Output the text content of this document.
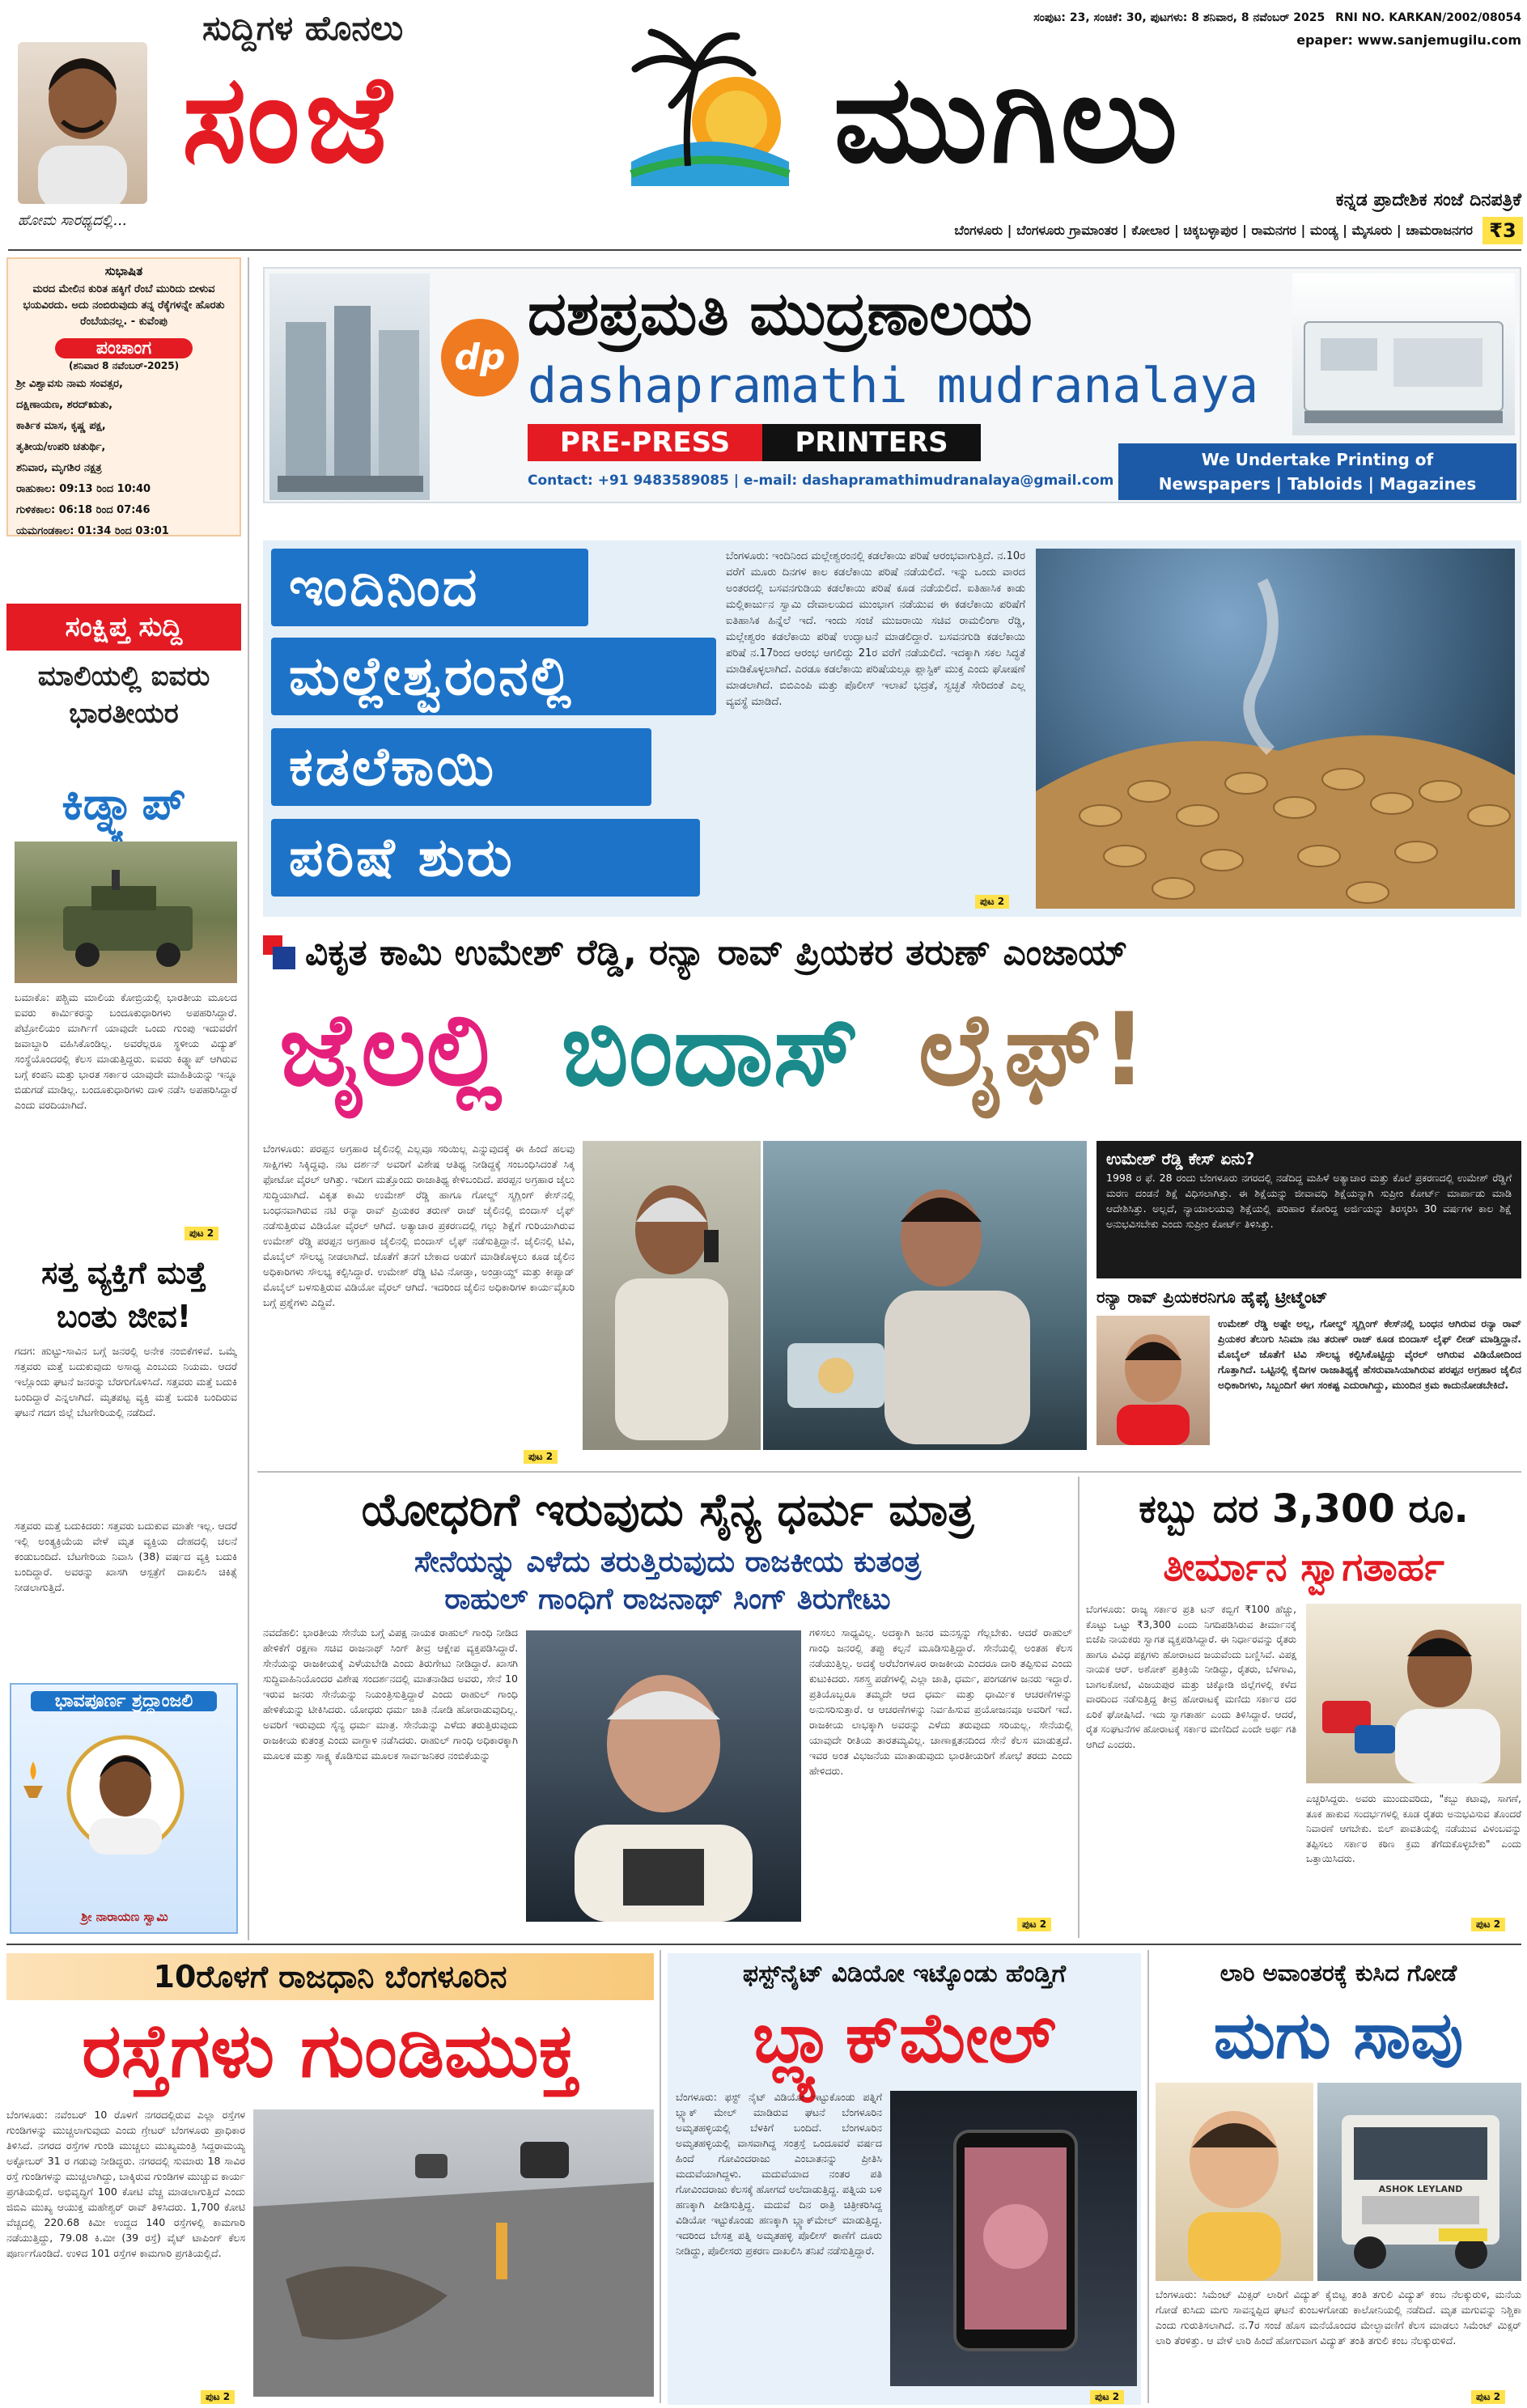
ಹೋಮ ಸಾರಥ್ಯದಲ್ಲಿ...
ಸುದ್ದಿಗಳ ಹೊನಲು
ಸಂಜೆ	ಮುಗಿಲು
ಸಂಪುಟ: 23, ಸಂಚಿಕೆ: 30, ಪುಟಗಳು: 8 ಶನಿವಾರ, 8 ನವೆಂಬರ್ 2025 RNI NO. KARKAN/2002/08054
epaper: www.sanjemugilu.com
ಕನ್ನಡ ಪ್ರಾದೇಶಿಕ ಸಂಜೆ ದಿನಪತ್ರಿಕೆ
ಬೆಂಗಳೂರು | ಬೆಂಗಳೂರು ಗ್ರಾಮಾಂತರ | ಕೋಲಾರ | ಚಿಕ್ಕಬಳ್ಳಾಪುರ | ರಾಮನಗರ | ಮಂಡ್ಯ | ಮೈಸೂರು | ಚಾಮರಾಜನಗರ ₹3
ಸುಭಾಷಿತ
ಮರದ ಮೇಲಿನ ಕುರಿತ ಹಕ್ಕಿಗೆ ರೆಂಬೆ ಮುರಿದು ಬೀಳುವ ಭಯವಿರದು. ಅದು ನಂಬಿರುವುದು ತನ್ನ ರೆಕ್ಕೆಗಳನ್ನೇ ಹೊರತು ರೆಂಬೆಯನಲ್ಲ. - ಕುವೆಂಪು
ಪಂಚಾಂಗ
(ಶನಿವಾರ 8 ನವೆಂಬರ್-2025)
ಶ್ರೀ ವಿಶ್ವಾವಸು ನಾಮ ಸಂವತ್ಸರ,
ದಕ್ಷಿಣಾಯಣ, ಶರದ್ಋತು,
ಕಾರ್ತಿಕ ಮಾಸ, ಕೃಷ್ಣ ಪಕ್ಷ,
ತೃತೀಯ/ಉಪರಿ ಚತುರ್ಥಿ,
ಶನಿವಾರ, ಮೃಗಶಿರ ನಕ್ಷತ್ರ
ರಾಹುಕಾಲ: 09:13 ರಿಂದ 10:40
ಗುಳಿಕಕಾಲ: 06:18 ರಿಂದ 07:46
ಯಮಗಂಡಕಾಲ: 01:34 ರಿಂದ 03:01
ಸಂಕ್ಷಿಪ್ತ ಸುದ್ದಿ
ಮಾಲಿಯಲ್ಲಿ ಐವರು ಭಾರತೀಯರ
ಕಿಡ್ನ್ಯಾಪ್
ಬಮಾಕೊ: ಪಶ್ಚಿಮ ಮಾಲಿಯ ಕೋಬ್ರಿಯಲ್ಲಿ ಭಾರತೀಯ ಮೂಲದ ಐವರು ಕಾರ್ಮಿಕರನ್ನು ಬಂದೂಕುಧಾರಿಗಳು ಅಪಹರಿಸಿದ್ದಾರೆ. ಪೆಟ್ರೋಲಿಯಂ ಮಾರ್ಗಿಗೆ ಯಾವುದೇ ಒಂದು ಗುಂಪು ಇದುವರೆಗೆ ಜವಾಬ್ದಾರಿ ವಹಿಸಿಕೊಂಡಿಲ್ಲ. ಅವರೆಲ್ಲರೂ ಸ್ಥಳೀಯ ವಿದ್ಯುತ್ ಸಂಸ್ಥೆಯೊಂದರಲ್ಲಿ ಕೆಲಸ ಮಾಡುತ್ತಿದ್ದರು. ಐವರು ಕಿಡ್ನ್ಯಾಪ್ ಆಗಿರುವ ಬಗ್ಗೆ ಕಂಪನಿ ಮತ್ತು ಭಾರತ ಸರ್ಕಾರ ಯಾವುದೇ ಮಾಹಿತಿಯನ್ನು ಇನ್ನೂ ಬಿಡುಗಡೆ ಮಾಡಿಲ್ಲ. ಬಂದೂಕುಧಾರಿಗಳು ದಾಳಿ ನಡೆಸಿ ಅಪಹರಿಸಿದ್ದಾರೆ ಎಂದು ವರದಿಯಾಗಿದೆ.
ಪುಟ 2
ಸತ್ತ ವ್ಯಕ್ತಿಗೆ ಮತ್ತೆ ಬಂತು ಜೀವ!
ಗದಗ: ಹುಟ್ಟು-ಸಾವಿನ ಬಗ್ಗೆ ಜನರಲ್ಲಿ ಅನೇಕ ನಂಬಿಕೆಗಳಿವೆ. ಒಮ್ಮೆ ಸತ್ತವರು ಮತ್ತೆ ಬದುಕುವುದು ಅಸಾಧ್ಯ ಎಂಬುದು ನಿಯಮ. ಆದರೆ ಇಲ್ಲೊಂದು ಘಟನೆ ಜನರನ್ನು ಬೆರಗುಗೊಳಿಸಿದೆ. ಸತ್ತವರು ಮತ್ತೆ ಬದುಕಿ ಬಂದಿದ್ದಾರೆ ಎನ್ನಲಾಗಿದೆ. ಮೃತಪಟ್ಟ ವ್ಯಕ್ತಿ ಮತ್ತೆ ಬದುಕಿ ಬಂದಿರುವ ಘಟನೆ ಗದಗ ಜಿಲ್ಲೆ ಬೆಟಗೇರಿಯಲ್ಲಿ ನಡೆದಿದೆ.
ಸತ್ತವರು ಮತ್ತೆ ಬದುಕಿದರು: ಸತ್ತವರು ಬದುಕುವ ಮಾತೇ ಇಲ್ಲ. ಆದರೆ ಇಲ್ಲಿ ಅಂತ್ಯಕ್ರಿಯೆಯ ವೇಳೆ ಮೃತ ವ್ಯಕ್ತಿಯ ದೇಹದಲ್ಲಿ ಚಲನೆ ಕಂಡುಬಂದಿದೆ. ಬೆಟಗೇರಿಯ ನಿವಾಸಿ (38) ವರ್ಷದ ವ್ಯಕ್ತಿ ಬದುಕಿ ಬಂದಿದ್ದಾರೆ. ಅವರನ್ನು ಖಾಸಗಿ ಆಸ್ಪತ್ರೆಗೆ ದಾಖಲಿಸಿ ಚಿಕಿತ್ಸೆ ನೀಡಲಾಗುತ್ತಿದೆ.
ಭಾವಪೂರ್ಣ ಶ್ರದ್ಧಾಂಜಲಿ
ಶ್ರೀ ನಾರಾಯಣ ಸ್ವಾಮಿ
dp
ದಶಪ್ರಮತಿ ಮುದ್ರಣಾಲಯ
dashapramathi mudranalaya
PRE-PRESS	PRINTERS
Contact: +91 9483589085 | e-mail: dashapramathimudranalaya@gmail.com
We Undertake Printing of
Newspapers | Tabloids | Magazines
ಇಂದಿನಿಂದ
ಮಲ್ಲೇಶ್ವರಂನಲ್ಲಿ
ಕಡಲೆಕಾಯಿ
ಪರಿಷೆ ಶುರು
ಬೆಂಗಳೂರು: ಇಂದಿನಿಂದ ಮಲ್ಲೇಶ್ವರಂನಲ್ಲಿ ಕಡಲೆಕಾಯಿ ಪರಿಷೆ ಆರಂಭವಾಗುತ್ತಿದೆ. ನ.10ರ ವರೆಗೆ ಮೂರು ದಿನಗಳ ಕಾಲ ಕಡಲೆಕಾಯಿ ಪರಿಷೆ ನಡೆಯಲಿದೆ. ಇನ್ನು ಒಂದು ವಾರದ ಅಂತರದಲ್ಲಿ ಬಸವನಗುಡಿಯ ಕಡಲೆಕಾಯಿ ಪರಿಷೆ ಕೂಡ ನಡೆಯಲಿದೆ. ಐತಿಹಾಸಿಕ ಕಾಡು ಮಲ್ಲಿಕಾರ್ಜುನ ಸ್ವಾಮಿ ದೇವಾಲಯದ ಮುಂಭಾಗ ನಡೆಯುವ ಈ ಕಡಲೆಕಾಯಿ ಪರಿಷೆಗೆ ಐತಿಹಾಸಿಕ ಹಿನ್ನೆಲೆ ಇದೆ. ಇಂದು ಸಂಜೆ ಮುಜರಾಯಿ ಸಚಿವ ರಾಮಲಿಂಗಾ ರೆಡ್ಡಿ, ಮಲ್ಲೇಶ್ವರಂ ಕಡಲೆಕಾಯಿ ಪರಿಷೆ ಉದ್ಘಾಟನೆ ಮಾಡಲಿದ್ದಾರೆ. ಬಸವನಗುಡಿ ಕಡಲೆಕಾಯಿ ಪರಿಷೆ ನ.17ರಿಂದ ಆರಂಭ ಆಗಲಿದ್ದು 21ರ ವರೆಗೆ ನಡೆಯಲಿದೆ. ಇದಕ್ಕಾಗಿ ಸಕಲ ಸಿದ್ಧತೆ ಮಾಡಿಕೊಳ್ಳಲಾಗಿದೆ. ಎರಡೂ ಕಡಲೆಕಾಯಿ ಪರಿಷೆಯಲ್ಲೂ ಪ್ಲಾಸ್ಟಿಕ್ ಮುಕ್ತ ಎಂದು ಘೋಷಣೆ ಮಾಡಲಾಗಿದೆ. ಬಿಬಿಎಂಪಿ ಮತ್ತು ಪೊಲೀಸ್ ಇಲಾಖೆ ಭದ್ರತೆ, ಸ್ವಚ್ಛತೆ ಸೇರಿದಂತೆ ಎಲ್ಲ ವ್ಯವಸ್ಥೆ ಮಾಡಿದೆ.
ಪುಟ 2
ವಿಕೃತ ಕಾಮಿ ಉಮೇಶ್ ರೆಡ್ಡಿ, ರನ್ಯಾ ರಾವ್ ಪ್ರಿಯಕರ ತರುಣ್ ಎಂಜಾಯ್
ಜೈಲಲ್ಲಿ ಬಿಂದಾಸ್ ಲೈಫ್!
ಬೆಂಗಳೂರು: ಪರಪ್ಪನ ಅಗ್ರಹಾರ ಜೈಲಿನಲ್ಲಿ ಎಲ್ಲವೂ ಸರಿಯಿಲ್ಲ ಎನ್ನುವುದಕ್ಕೆ ಈ ಹಿಂದೆ ಹಲವು ಸಾಕ್ಷಿಗಳು ಸಿಕ್ಕಿದ್ದವು. ನಟ ದರ್ಶನ್ ಅವರಿಗೆ ವಿಶೇಷ ಆತಿಥ್ಯ ನೀಡಿದ್ದಕ್ಕೆ ಸಂಬಂಧಿಸಿದಂತೆ ಸಿಕ್ಕ ಫೋಟೋ ವೈರಲ್ ಆಗಿತ್ತು. ಇದೀಗ ಮತ್ತೊಂದು ರಾಜಾತಿಥ್ಯ ಕೇಳಿಬಂದಿದೆ. ಪರಪ್ಪನ ಅಗ್ರಹಾರ ಜೈಲು ಸುದ್ದಿಯಾಗಿದೆ. ವಿಕೃತ ಕಾಮಿ ಉಮೇಶ್ ರೆಡ್ಡಿ ಹಾಗೂ ಗೋಲ್ಡ್ ಸ್ಮಗ್ಲಿಂಗ್ ಕೇಸ್‌ನಲ್ಲಿ ಬಂಧನವಾಗಿರುವ ನಟಿ ರನ್ಯಾ ರಾವ್ ಪ್ರಿಯಕರ ತರುಣ್ ರಾಜ್ ಜೈಲಿನಲ್ಲಿ ಬಿಂದಾಸ್ ಲೈಫ್ ನಡೆಸುತ್ತಿರುವ ವಿಡಿಯೋ ವೈರಲ್ ಆಗಿದೆ. ಅತ್ಯಾಚಾರ ಪ್ರಕರಣದಲ್ಲಿ ಗಲ್ಲು ಶಿಕ್ಷೆಗೆ ಗುರಿಯಾಗಿರುವ ಉಮೇಶ್ ರೆಡ್ಡಿ ಪರಪ್ಪನ ಅಗ್ರಹಾರ ಜೈಲಿನಲ್ಲಿ ಬಿಂದಾಸ್ ಲೈಫ್ ನಡೆಸುತ್ತಿದ್ದಾನೆ. ಜೈಲಿನಲ್ಲಿ ಟಿವಿ, ಮೊಬೈಲ್ ಸೌಲಭ್ಯ ನೀಡಲಾಗಿದೆ. ಜೊತೆಗೆ ತನಗೆ ಬೇಕಾದ ಅಡುಗೆ ಮಾಡಿಕೊಳ್ಳಲು ಕೂಡ ಜೈಲಿನ ಅಧಿಕಾರಿಗಳು ಸೌಲಭ್ಯ ಕಲ್ಪಿಸಿದ್ದಾರೆ. ಉಮೇಶ್ ರೆಡ್ಡಿ ಟಿವಿ ನೋಡ್ತಾ, ಅಂಡ್ರಾಯ್ಡ್ ಮತ್ತು ಕೀಪ್ಯಾಡ್ ಮೊಬೈಲ್ ಬಳಸುತ್ತಿರುವ ವಿಡಿಯೋ ವೈರಲ್ ಆಗಿದೆ. ಇದರಿಂದ ಜೈಲಿನ ಅಧಿಕಾರಿಗಳ ಕಾರ್ಯವೈಖರಿ ಬಗ್ಗೆ ಪ್ರಶ್ನೆಗಳು ಎದ್ದಿವೆ.
ಪುಟ 2
ಉಮೇಶ್ ರೆಡ್ಡಿ ಕೇಸ್ ಏನು?
1998 ರ ಫೆ. 28 ರಂದು ಬೆಂಗಳೂರು ನಗರದಲ್ಲಿ ನಡೆದಿದ್ದ ಮಹಿಳೆ ಅತ್ಯಾಚಾರ ಮತ್ತು ಕೊಲೆ ಪ್ರಕರಣದಲ್ಲಿ ಉಮೇಶ್ ರೆಡ್ಡಿಗೆ ಮರಣ ದಂಡನೆ ಶಿಕ್ಷೆ ವಿಧಿಸಲಾಗಿತ್ತು. ಈ ಶಿಕ್ಷೆಯನ್ನು ಜೀವಾವಧಿ ಶಿಕ್ಷೆಯನ್ನಾಗಿ ಸುಪ್ರೀಂ ಕೋರ್ಟ್ ಮಾರ್ಪಾಡು ಮಾಡಿ ಆದೇಶಿಸಿತ್ತು. ಅಲ್ಲದೆ, ನ್ಯಾಯಾಲಯವು ಶಿಕ್ಷೆಯಲ್ಲಿ ಪರಿಹಾರ ಕೋರಿದ್ದ ಅರ್ಜಿಯನ್ನು ತಿರಸ್ಕರಿಸಿ 30 ವರ್ಷಗಳ ಕಾಲ ಶಿಕ್ಷೆ ಅನುಭವಿಸಬೇಕು ಎಂದು ಸುಪ್ರೀಂ ಕೋರ್ಟ್ ತಿಳಿಸಿತ್ತು.
ರನ್ಯಾ ರಾವ್ ಪ್ರಿಯಕರನಿಗೂ ಹೈಫೈ ಟ್ರೀಟ್ಮೆಂಟ್
ಉಮೇಶ್ ರೆಡ್ಡಿ ಅಷ್ಟೇ ಅಲ್ಲ, ಗೋಲ್ಡ್ ಸ್ಮಗ್ಲಿಂಗ್ ಕೇಸ್‌ನಲ್ಲಿ ಬಂಧನ ಆಗಿರುವ ರನ್ಯಾ ರಾವ್ ಪ್ರಿಯಕರ ತೆಲುಗು ಸಿನಿಮಾ ನಟ ತರುಣ್ ರಾಜ್ ಕೂಡ ಬಿಂದಾಸ್ ಲೈಫ್ ಲೀಡ್ ಮಾಡ್ತಿದ್ದಾನೆ. ಮೊಬೈಲ್ ಜೊತೆಗೆ ಟಿವಿ ಸೌಲಭ್ಯ ಕಲ್ಪಿಸಿಕೊಟ್ಟಿದ್ದು ವೈರಲ್ ಆಗಿರುವ ವಿಡಿಯೋದಿಂದ ಗೊತ್ತಾಗಿದೆ. ಒಟ್ಟಿನಲ್ಲಿ ಕೈದಿಗಳ ರಾಜಾತಿಥ್ಯಕ್ಕೆ ಹೆಸರುವಾಸಿಯಾಗಿರುವ ಪರಪ್ಪನ ಅಗ್ರಹಾರ ಜೈಲಿನ ಅಧಿಕಾರಿಗಳು, ಸಿಬ್ಬಂದಿಗೆ ಈಗ ಸಂಕಷ್ಟ ಎದುರಾಗಿದ್ದು, ಮುಂದಿನ ಕ್ರಮ ಕಾದುನೋಡಬೇಕಿದೆ.
ಯೋಧರಿಗೆ ಇರುವುದು ಸೈನ್ಯ ಧರ್ಮ ಮಾತ್ರ
ಸೇನೆಯನ್ನು ಎಳೆದು ತರುತ್ತಿರುವುದು ರಾಜಕೀಯ ಕುತಂತ್ರ
ರಾಹುಲ್ ಗಾಂಧಿಗೆ ರಾಜನಾಥ್ ಸಿಂಗ್ ತಿರುಗೇಟು
ನವದೆಹಲಿ: ಭಾರತೀಯ ಸೇನೆಯ ಬಗ್ಗೆ ವಿಪಕ್ಷ ನಾಯಕ ರಾಹುಲ್ ಗಾಂಧಿ ನೀಡಿದ ಹೇಳಿಕೆಗೆ ರಕ್ಷಣಾ ಸಚಿವ ರಾಜನಾಥ್ ಸಿಂಗ್ ತೀವ್ರ ಆಕ್ಷೇಪ ವ್ಯಕ್ತಪಡಿಸಿದ್ದಾರೆ. ಸೇನೆಯನ್ನು ರಾಜಕೀಯಕ್ಕೆ ಎಳೆಯಬೇಡಿ ಎಂದು ತಿರುಗೇಟು ನೀಡಿದ್ದಾರೆ. ಖಾಸಗಿ ಸುದ್ದಿವಾಹಿನಿಯೊಂದರ ವಿಶೇಷ ಸಂದರ್ಶನದಲ್ಲಿ ಮಾತನಾಡಿದ ಅವರು, ಸೇನೆ 10 ಇರುವ ಜನರು ಸೇನೆಯನ್ನು ನಿಯಂತ್ರಿಸುತ್ತಿದ್ದಾರೆ ಎಂದು ರಾಹುಲ್ ಗಾಂಧಿ ಹೇಳಿಕೆಯನ್ನು ಟೀಕಿಸಿದರು. ಯೋಧರು ಧರ್ಮ ಜಾತಿ ನೋಡಿ ಹೋರಾಡುವುದಿಲ್ಲ. ಅವರಿಗೆ ಇರುವುದು ಸೈನ್ಯ ಧರ್ಮ ಮಾತ್ರ. ಸೇನೆಯನ್ನು ಎಳೆದು ತರುತ್ತಿರುವುದು ರಾಜಕೀಯ ಕುತಂತ್ರ ಎಂದು ವಾಗ್ದಾಳಿ ನಡೆಸಿದರು. ರಾಹುಲ್ ಗಾಂಧಿ ಅಧಿಕಾರಕ್ಕಾಗಿ ಮೂಲಕ ಮತ್ತು ಸಾಕ್ಷ್ಯ ಕೊಡಿಸುವ ಮೂಲಕ ಸಾರ್ವಜನಿಕರ ನಂಬಿಕೆಯನ್ನು
ಗಳಿಸಲು ಸಾಧ್ಯವಿಲ್ಲ. ಅದಕ್ಕಾಗಿ ಜನರ ಮನಸ್ಸನ್ನು ಗೆಲ್ಲಬೇಕು. ಆದರೆ ರಾಹುಲ್ ಗಾಂಧಿ ಜನರಲ್ಲಿ ತಪ್ಪು ಕಲ್ಪನೆ ಮೂಡಿಸುತ್ತಿದ್ದಾರೆ. ಸೇನೆಯಲ್ಲಿ ಅಂತಹ ಕೆಲಸ ನಡೆಯುತ್ತಿಲ್ಲ. ಅದಕ್ಕೆ ಅರೆಬೆಂಗಳೂರ ರಾಜಕೀಯ ಎಂದರೂ ದಾರಿ ತಪ್ಪಿಸುವ ಎಂದು ಕುಟುಕಿದರು. ಸಶಸ್ತ್ರ ಪಡೆಗಳಲ್ಲಿ ಎಲ್ಲಾ ಜಾತಿ, ಧರ್ಮ, ಪಂಗಡಗಳ ಜನರು ಇದ್ದಾರೆ. ಪ್ರತಿಯೊಬ್ಬರೂ ತಮ್ಮದೇ ಆದ ಧರ್ಮ ಮತ್ತು ಧಾರ್ಮಿಕ ಆಚರಣೆಗಳನ್ನು ಅನುಸರಿಸುತ್ತಾರೆ. ಆ ಆಚರಣೆಗಳನ್ನು ನಿರ್ವಹಿಸುವ ಪ್ರಯೋಜನವೂ ಅವರಿಗೆ ಇದೆ. ರಾಜಕೀಯ ಲಾಭಕ್ಕಾಗಿ ಅವರನ್ನು ಎಳೆದು ತರುವುದು ಸರಿಯಲ್ಲ. ಸೇನೆಯಲ್ಲಿ ಯಾವುದೇ ರೀತಿಯ ತಾರತಮ್ಯವಿಲ್ಲ. ಚಾಣಾಕ್ಷತನದಿಂದ ಸೇನೆ ಕೆಲಸ ಮಾಡುತ್ತದೆ. ಇವರ ಅಂತ ವಿಭಜನೆಯ ಮಾತಾಡುವುದು ಭಾರತೀಯರಿಗೆ ಶೋಭೆ ತರದು ಎಂದು ಹೇಳಿದರು.
ಪುಟ 2
ಕಬ್ಬು ದರ 3,300 ರೂ.
ತೀರ್ಮಾನ ಸ್ವಾಗತಾರ್ಹ
ಬೆಂಗಳೂರು: ರಾಜ್ಯ ಸರ್ಕಾರ ಪ್ರತಿ ಟನ್ ಕಬ್ಬಿಗೆ ₹100 ಹೆಚ್ಚು, ಕೊಟ್ಟು ಒಟ್ಟು ₹3,300 ಎಂದು ನಿಗದಿಪಡಿಸಿರುವ ತೀರ್ಮಾನಕ್ಕೆ ಬಿಜೆಪಿ ನಾಯಕರು ಸ್ವಾಗತ ವ್ಯಕ್ತಪಡಿಸಿದ್ದಾರೆ. ಈ ನಿರ್ಧಾರವನ್ನು ರೈತರು ಹಾಗೂ ವಿವಿಧ ಪಕ್ಷಗಳು ಹೋರಾಟದ ಜಯವೆಂದು ಬಣ್ಣಿಸಿವೆ. ವಿಪಕ್ಷ ನಾಯಕ ಆರ್. ಅಶೋಕ್ ಪ್ರತಿಕ್ರಿಯೆ ನೀಡಿದ್ದು, ರೈತರು, ಬೆಳಗಾವಿ, ಬಾಗಲಕೋಟೆ, ವಿಜಯಪುರ ಮತ್ತು ಚಿಕ್ಕೋಡಿ ಜಿಲ್ಲೆಗಳಲ್ಲಿ ಕಳೆದ ವಾರದಿಂದ ನಡೆಸುತ್ತಿದ್ದ ತೀವ್ರ ಹೋರಾಟಕ್ಕೆ ಮಣಿದು ಸರ್ಕಾರ ದರ ಏರಿಕೆ ಘೋಷಿಸಿದೆ. ಇದು ಸ್ವಾಗತಾರ್ಹ ಎಂದು ತಿಳಿಸಿದ್ದಾರೆ. ಆದರೆ, ರೈತ ಸಂಘಟನೆಗಳ ಹೋರಾಟಕ್ಕೆ ಸರ್ಕಾರ ಮಣಿದಿದೆ ಎಂದೇ ಅರ್ಥ ಗತಿ ಆಗಿದೆ ಎಂದರು.
ಎಚ್ಚರಿಸಿದ್ದರು. ಅವರು ಮುಂದುವರಿದು, "ಕಬ್ಬು ಕಟಾವು, ಸಾಗಣೆ, ತೂಕ ಹಾಕುವ ಸಂದರ್ಭಗಳಲ್ಲಿ ಕೂಡ ರೈತರು ಅನುಭವಿಸುವ ತೊಂದರೆ ನಿವಾರಣೆ ಆಗಬೇಕು. ಬಿಲ್ ಪಾವತಿಯಲ್ಲಿ ನಡೆಯುವ ವಿಳಂಬವನ್ನು ತಪ್ಪಿಸಲು ಸರ್ಕಾರ ಕಠಿಣ ಕ್ರಮ ತೆಗೆದುಕೊಳ್ಳಬೇಕು" ಎಂದು ಒತ್ತಾಯಿಸಿದರು.
ಪುಟ 2
10ರೊಳಗೆ ರಾಜಧಾನಿ ಬೆಂಗಳೂರಿನ
ರಸ್ತೆಗಳು ಗುಂಡಿಮುಕ್ತ
ಬೆಂಗಳೂರು: ನವೆಂಬರ್ 10 ರೊಳಗೆ ನಗರದಲ್ಲಿರುವ ಎಲ್ಲಾ ರಸ್ತೆಗಳ ಗುಂಡಿಗಳನ್ನು ಮುಚ್ಚಲಾಗುವುದು ಎಂದು ಗ್ರೇಟರ್ ಬೆಂಗಳೂರು ಪ್ರಾಧಿಕಾರ ತಿಳಿಸಿದೆ. ನಗರದ ರಸ್ತೆಗಳ ಗುಂಡಿ ಮುಚ್ಚಲು ಮುಖ್ಯಮಂತ್ರಿ ಸಿದ್ದರಾಮಯ್ಯ ಅಕ್ಟೋಬರ್ 31 ರ ಗಡುವು ನೀಡಿದ್ದರು. ನಗರದಲ್ಲಿ ಸುಮಾರು 18 ಸಾವಿರ ರಸ್ತೆ ಗುಂಡಿಗಳನ್ನು ಮುಚ್ಚಲಾಗಿದ್ದು, ಬಾಕ್ಕಿರುವ ಗುಂಡಿಗಳ ಮುಚ್ಚುವ ಕಾರ್ಯ ಪ್ರಗತಿಯಲ್ಲಿದೆ. ಅಭಿವೃದ್ಧಿಗೆ 100 ಕೋಟಿ ವೆಚ್ಚ ಮಾಡಲಾಗುತ್ತಿದೆ ಎಂದು ಜಿಬಿಎ ಮುಖ್ಯ ಆಯುಕ್ತ ಮಹೇಶ್ವರ್ ರಾವ್ ತಿಳಿಸಿದರು. 1,700 ಕೋಟಿ ವೆಚ್ಚದಲ್ಲಿ 220.68 ಕಿಮೀ ಉದ್ದದ 140 ರಸ್ತೆಗಳಲ್ಲಿ ಕಾಮಗಾರಿ ನಡೆಯುತ್ತಿದ್ದು, 79.08 ಕಿ.ಮೀ (39 ರಸ್ತೆ) ವೈಟ್ ಟಾಪಿಂಗ್ ಕೆಲಸ ಪೂರ್ಣಗೊಂಡಿದೆ. ಉಳಿದ 101 ರಸ್ತೆಗಳ ಕಾಮಗಾರಿ ಪ್ರಗತಿಯಲ್ಲಿದೆ.
ಪುಟ 2
ಫಸ್ಟ್‌ನೈಟ್ ವಿಡಿಯೋ ಇಟ್ಕೊಂಡು ಹೆಂಡ್ತಿಗೆ
ಬ್ಲ್ಯಾಕ್‌ಮೇಲ್
ಬೆಂಗಳೂರು: ಫಸ್ಟ್ ನೈಟ್ ವಿಡಿಯೋ ಇಟ್ಟುಕೊಂಡು ಪತ್ನಿಗೆ ಬ್ಲ್ಯಾಕ್ ಮೇಲ್ ಮಾಡಿರುವ ಘಟನೆ ಬೆಂಗಳೂರಿನ ಅಮೃತಹಳ್ಳಿಯಲ್ಲಿ ಬೆಳಕಿಗೆ ಬಂದಿದೆ. ಬೆಂಗಳೂರಿನ ಅಮೃತಹಳ್ಳಿಯಲ್ಲಿ ವಾಸವಾಗಿದ್ದ ಸಂತ್ರಸ್ತೆ ಒಂದೂವರೆ ವರ್ಷದ ಹಿಂದೆ ಗೋವಿಂದರಾಜು ಎಂಬಾತನನ್ನು ಪ್ರೀತಿಸಿ ಮದುವೆಯಾಗಿದ್ದಳು. ಮದುವೆಯಾದ ನಂತರ ಪತಿ ಗೋವಿಂದರಾಜು ಕೆಲಸಕ್ಕೆ ಹೋಗದೆ ಅಲೆದಾಡುತ್ತಿದ್ದ. ಪತ್ನಿಯ ಬಳಿ ಹಣಕ್ಕಾಗಿ ಪೀಡಿಸುತ್ತಿದ್ದ. ಮದುವೆ ದಿನ ರಾತ್ರಿ ಚಿತ್ರೀಕರಿಸಿದ್ದ ವಿಡಿಯೋ ಇಟ್ಟುಕೊಂಡು ಹಣಕ್ಕಾಗಿ ಬ್ಲ್ಯಾಕ್‌ಮೇಲ್ ಮಾಡುತ್ತಿದ್ದ. ಇದರಿಂದ ಬೇಸತ್ತ ಪತ್ನಿ ಅಮೃತಹಳ್ಳಿ ಪೊಲೀಸ್ ಠಾಣೆಗೆ ದೂರು ನೀಡಿದ್ದು, ಪೊಲೀಸರು ಪ್ರಕರಣ ದಾಖಲಿಸಿ ತನಿಖೆ ನಡೆಸುತ್ತಿದ್ದಾರೆ.
ಪುಟ 2
ಲಾರಿ ಅವಾಂತರಕ್ಕೆ ಕುಸಿದ ಗೋಡೆ
ಮಗು ಸಾವು
ASHOK LEYLAND
ಬೆಂಗಳೂರು: ಸಿಮೆಂಟ್ ಮಿಕ್ಸರ್ ಲಾರಿಗೆ ವಿದ್ಯುತ್ ಕೈಬಿಟ್ಟ ತಂತಿ ತಗುಲಿ ವಿದ್ಯುತ್ ಕಂಬ ನೆಲಕ್ಕುರುಳಿ, ಮನೆಯ ಗೋಡೆ ಕುಸಿದು ಮಗು ಸಾವನ್ನಪ್ಪಿದ ಘಟನೆ ಕುಂಬಳಗೋಡು ಕಾಲೋನಿಯಲ್ಲಿ ನಡೆದಿದೆ. ಮೃತ ಮಗುವನ್ನು ನಿಶ್ಚಿಕಾ ಎಂದು ಗುರುತಿಸಲಾಗಿದೆ. ನ.7ರ ಸಂಜೆ ಹೊಸ ಮನೆಯೊಂದರ ಮೇಲ್ಛಾವಣಿಗೆ ಕೆಲಸ ಮಾಡಲು ಸಿಮೆಂಟ್ ಮಿಕ್ಸರ್ ಲಾರಿ ತೆರಳಿತ್ತು. ಆ ವೇಳೆ ಲಾರಿ ಹಿಂದೆ ಹೋಗುವಾಗ ವಿದ್ಯುತ್ ತಂತಿ ತಗುಲಿ ಕಂಬ ನೆಲಕ್ಕುರುಳಿದೆ.
ಪುಟ 2
